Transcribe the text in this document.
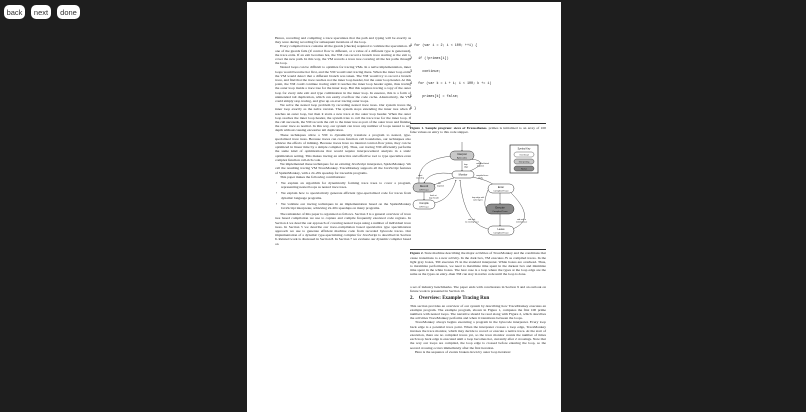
back	next	done

Hence, recording and compiling a trace speculates that the path and typing will be exactly as they were during recording for subsequent iterations of the loop.

Every compiled trace contains all the guards (checks) required to validate the speculation. If one of the guards fails (if control flow is different, or a value of a different type is generated), the trace exits. If an exit becomes hot, the VM can record a branch trace starting at the exit to cover the new path. In this way, the VM records a trace tree covering all the hot paths through the loop.

Nested loops can be difficult to optimize for tracing VMs. In a naïve implementation, inner loops would become hot first, and the VM would start tracing there. When the inner loop exits, the VM would detect that a different branch was taken. The VM would try to record a branch trace, and find that the trace reaches not the inner loop header, but the outer loop header. At this point, the VM could continue tracing until it reaches the inner loop header again, thus tracing the outer loop inside a trace tree for the inner loop. But this requires tracing a copy of the outer loop for every side exit and type combination in the inner loop. In essence, this is a form of unintended tail duplication, which can easily overflow the code cache. Alternatively, the VM could simply stop tracing, and give up on ever tracing outer loops.

We solve the nested loop problem by recording nested trace trees. Our system traces the inner loop exactly as the naïve version. The system stops extending the inner tree when it reaches an outer loop, but then it starts a new trace at the outer loop header. When the outer loop reaches the inner loop header, the system tries to call the trace tree for the inner loop. If the call succeeds, the VM records the call to the inner tree as part of the outer trace and finishes the outer trace as normal. In this way, our system can trace any number of loops nested to any depth without causing excessive tail duplication.

These techniques allow a VM to dynamically translate a program to nested, type-specialized trace trees. Because traces can cross function call boundaries, our techniques also achieve the effects of inlining. Because traces have no internal control-flow joins, they can be optimized in linear time by a simple compiler (10). Thus, our tracing VM efficiently performs the same kind of optimizations that would require interprocedural analysis in a static optimization setting. This makes tracing an attractive and effective tool to type specialize even complex function call-rich code.

We implemented these techniques for an existing JavaScript interpreter, SpiderMonkey. We call the resulting tracing VM TraceMonkey. TraceMonkey supports all the JavaScript features of SpiderMonkey, with a 2x-20x speedup for traceable programs.

This paper makes the following contributions:

• We explain an algorithm for dynamically forming trace trees to cover a program, representing nested loops as nested trace trees.
• We explain how to speculatively generate efficient type-specialized code for traces from dynamic language programs.
• We validate our tracing techniques in an implementation based on the SpiderMonkey JavaScript interpreter, achieving 2x-20x speedups on many programs.

The remainder of this paper is organized as follows. Section 3 is a general overview of trace tree based compilation we use to capture and compile frequently executed code regions. In Section 4 we describe our approach of covering nested loops using a number of individual trace trees. In Section 5 we describe our trace-compilation based speculative type specialization approach we use to generate efficient machine code from recorded bytecode traces. Our implementation of a dynamic type-specializing compiler for JavaScript is described in Section 6. Related work is discussed in Section 8. In Section 7 we evaluate our dynamic compiler based on

1 for (var i = 2; i < 100; ++i) {

2   if (!primes[i])

3     continue;

4   for (var k = i + i; i < 100; k += i)

5     primes[k] = false;

6 }

Figure 1. Sample program: sieve of Eratosthenes. primes is initialized to an array of 100 false values on entry to this code snippet.

Interpret
Bytecodes
Monitor
Record
LIR Trace
Compile
LIR Trace
Enter
Compiled Trace
Execute
Compiled Trace
Leave
Compiled Trace
Symbol Key
Overhead
Interpreting
Native
loop
edge
abort
recording
hot
loop/exit
finish at
loop header
cold/blacklisted
loop/exit
compiled trace
ready
loop edge with
same types
side exit,
no existing trace
side exit to
existing trace

Figure 2. State machine describing the major activities of TraceMonkey and the conditions that cause transitions to a new activity. In the dark box, TM executes JS as compiled traces. In the light gray boxes, TM executes JS in the standard interpreter. White boxes are overhead. Thus, to maximize performance, we need to maximize time spent in the darkest box and minimize time spent in the white boxes. The best case is a loop where the types at the loop edge are the same as the types on entry–then TM can stay in native code until the loop is done.

a set of industry benchmarks. The paper ends with conclusions in Section 9 and an outlook on future work is presented in Section 10.

2. Overview: Example Tracing Run

This section provides an overview of our system by describing how TraceMonkey executes an example program. The example program, shown in Figure 1, computes the first 100 prime numbers with nested loops. The narrative should be read along with Figure 2, which describes the activities TraceMonkey performs and when it transitions between the loops.

TraceMonkey always begins executing a program in the bytecode interpreter. Every loop back edge is a potential trace point. When the interpreter crosses a loop edge, TraceMonkey invokes the trace monitor, which may decide to record or execute a native trace. At the start of execution, there are no compiled traces yet, so the trace monitor counts the number of times each loop back edge is executed until a loop becomes hot, currently after 2 crossings. Note that the way our loops are compiled, the loop edge is crossed before entering the loop, so the second crossing occurs immediately after the first iteration.

Here is the sequence of events broken down by outer loop iteration:
